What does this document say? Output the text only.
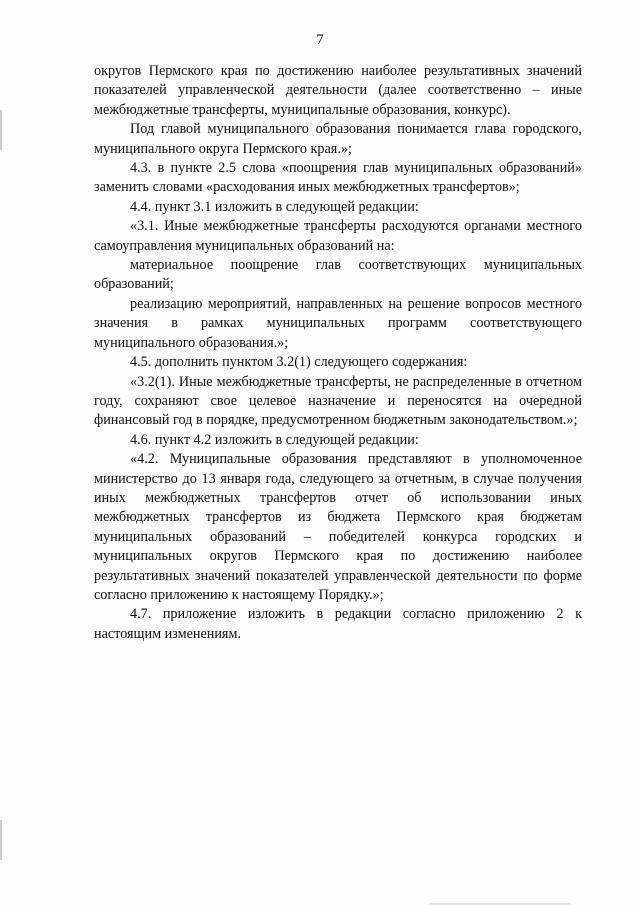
7

округов Пермского края по достижению наиболее результативных значений показателей управленческой деятельности (далее соответственно – иные межбюджетные трансферты, муниципальные образования, конкурс).

Под главой муниципального образования понимается глава городского, муниципального округа Пермского края.»;

4.3. в пункте 2.5 слова «поощрения глав муниципальных образований» заменить словами «расходования иных межбюджетных трансфертов»;

4.4. пункт 3.1 изложить в следующей редакции:

«3.1. Иные межбюджетные трансферты расходуются органами местного самоуправления муниципальных образований на:

материальное поощрение глав соответствующих муниципальных образований;

реализацию мероприятий, направленных на решение вопросов местного значения в рамках муниципальных программ соответствующего муниципального образования.»;

4.5. дополнить пунктом 3.2(1) следующего содержания:

«3.2(1). Иные межбюджетные трансферты, не распределенные в отчетном году, сохраняют свое целевое назначение и переносятся на очередной финансовый год в порядке, предусмотренном бюджетным законодательством.»;

4.6. пункт 4.2 изложить в следующей редакции:

«4.2. Муниципальные образования представляют в уполномоченное министерство до 13 января года, следующего за отчетным, в случае получения иных межбюджетных трансфертов отчет об использовании иных межбюджетных трансфертов из бюджета Пермского края бюджетам муниципальных образований – победителей конкурса городских и муниципальных округов Пермского края по достижению наиболее результативных значений показателей управленческой деятельности по форме согласно приложению к настоящему Порядку.»;

4.7. приложение изложить в редакции согласно приложению 2 к настоящим изменениям.
